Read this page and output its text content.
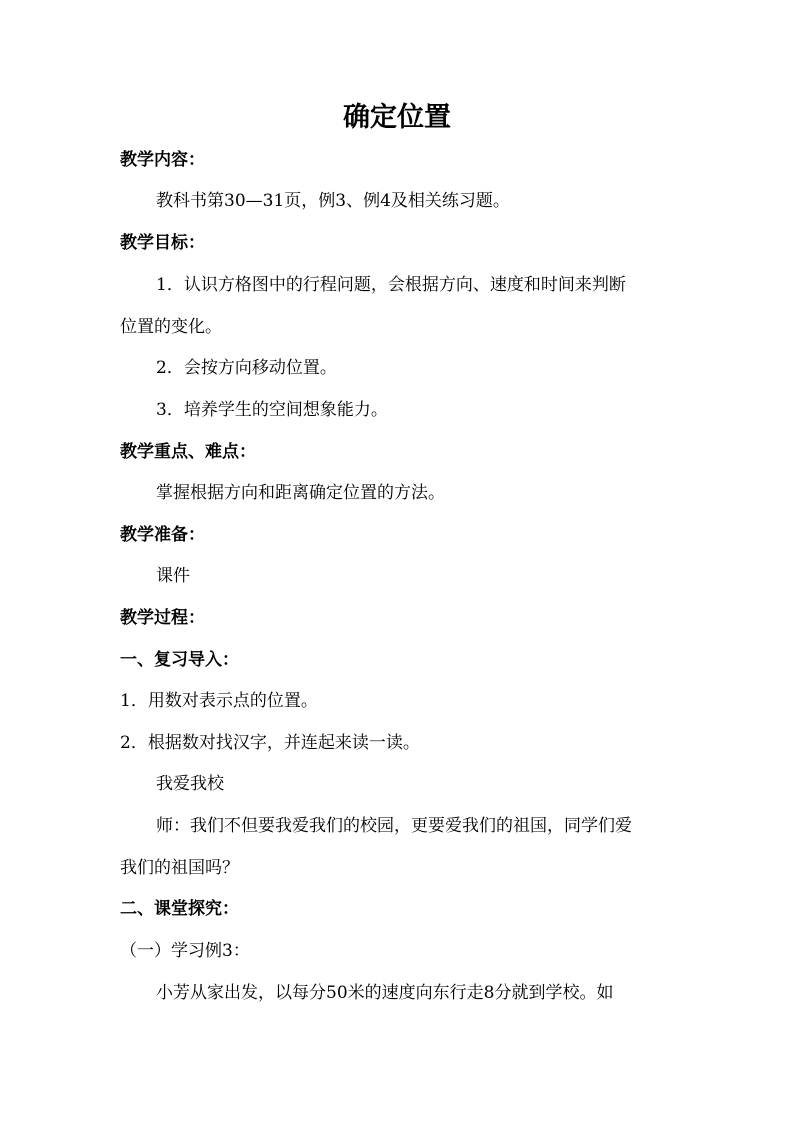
确定位置
教学内容：
教科书第30—31页，例3、例4及相关练习题。
教学目标：
1．认识方格图中的行程问题，会根据方向、速度和时间来判断
位置的变化。
2．会按方向移动位置。
3．培养学生的空间想象能力。
教学重点、难点：
掌握根据方向和距离确定位置的方法。
教学准备：
课件
教学过程：
一、复习导入：
1．用数对表示点的位置。
2．根据数对找汉字，并连起来读一读。
我爱我校
师：我们不但要我爱我们的校园，更要爱我们的祖国，同学们爱
我们的祖国吗？
二、课堂探究：
（一）学习例3：
小芳从家出发，以每分50米的速度向东行走8分就到学校。如
